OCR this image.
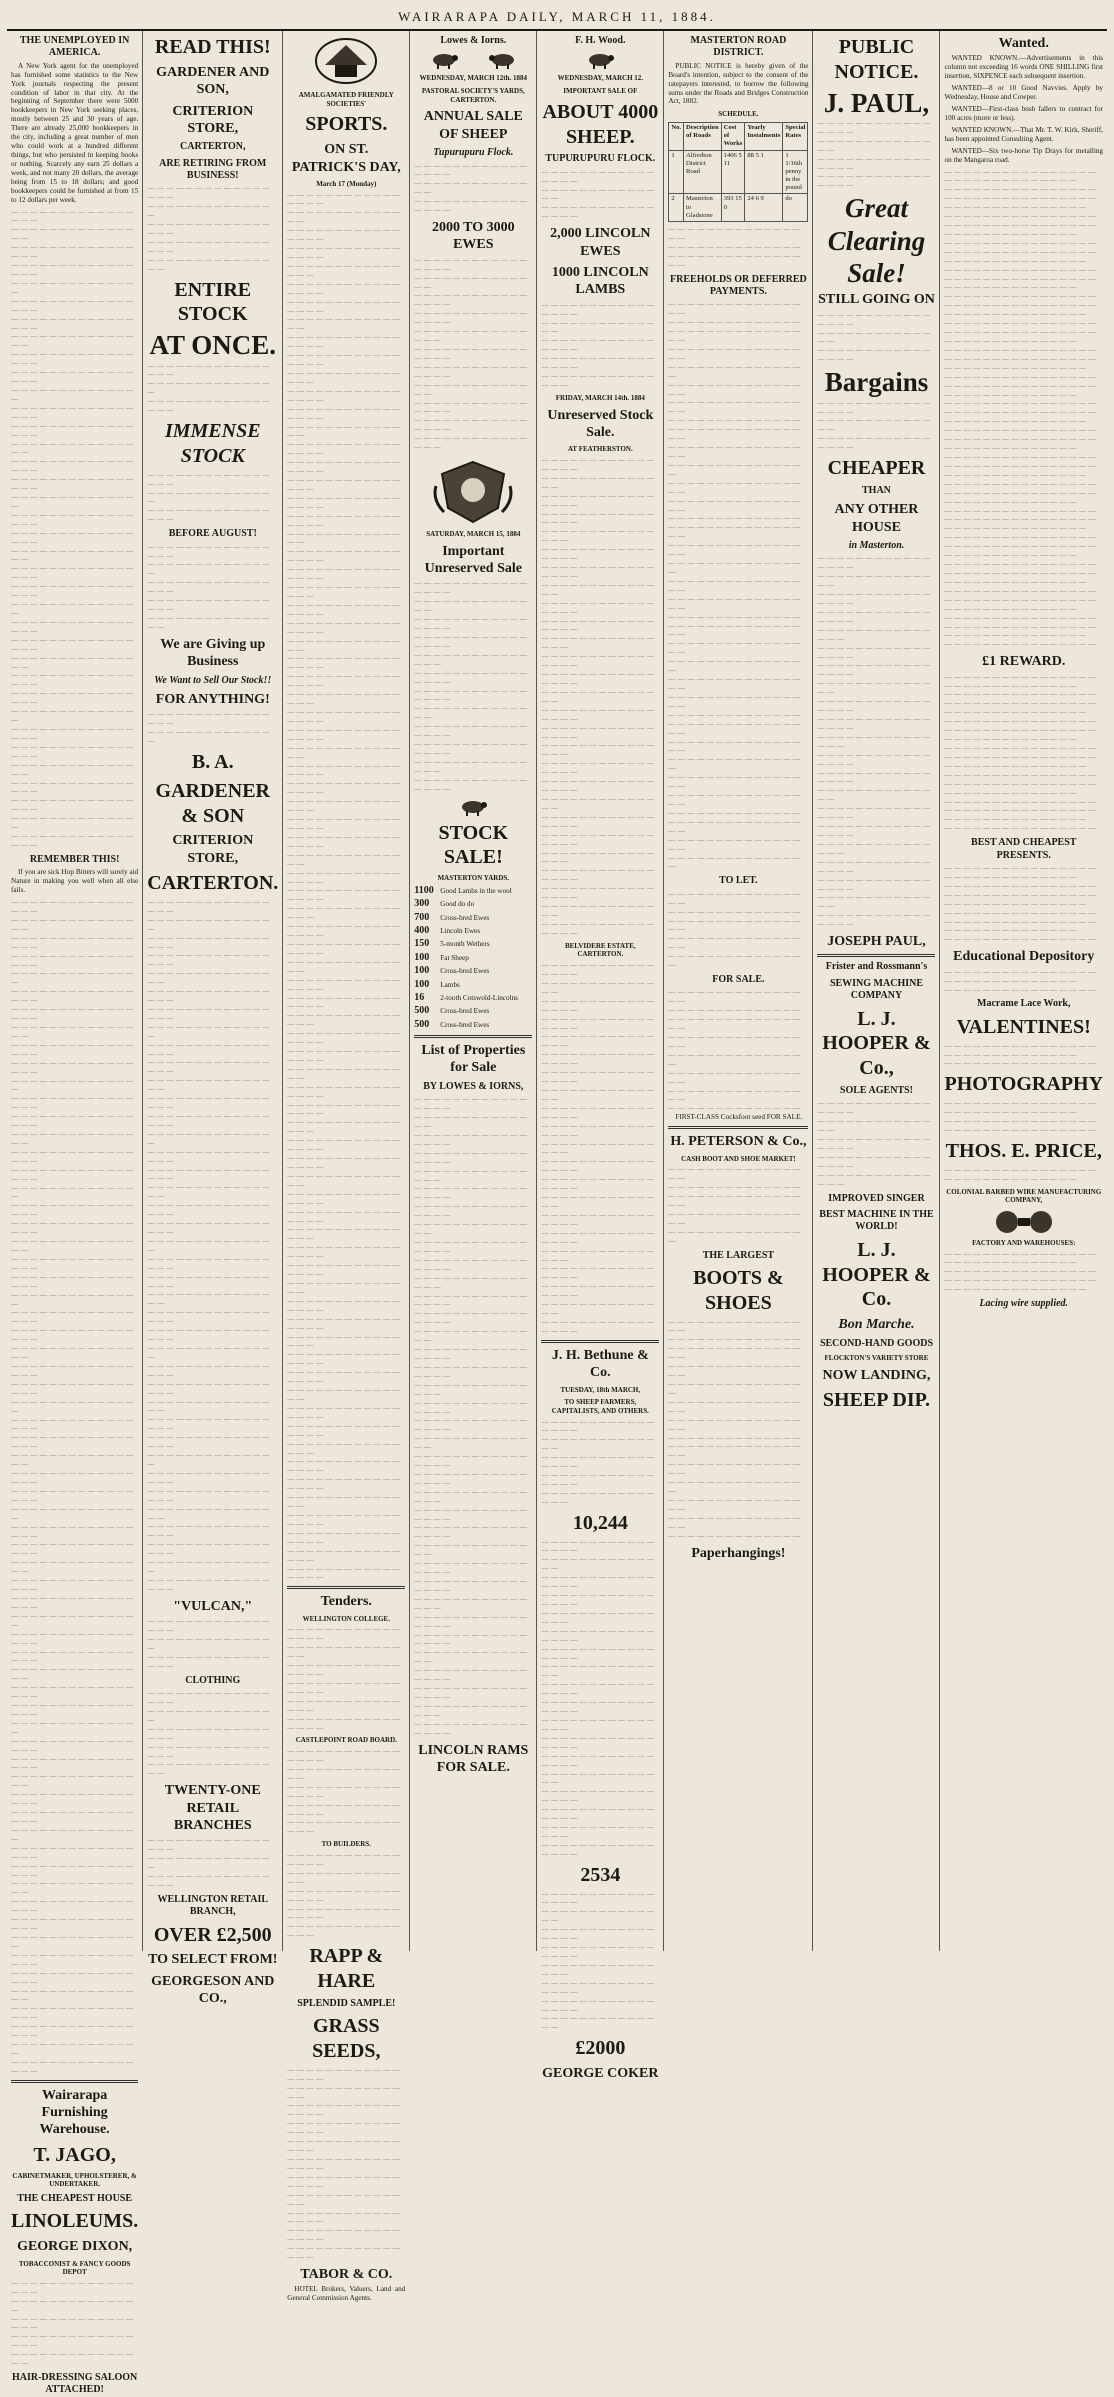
WAIRARAPA DAILY, MARCH 11, 1884.
THE UNEMPLOYED IN AMERICA.

A New York agent for the unemployed has furnished some statistics to the New York journals respecting the present condition of labor in that city. At the beginning of September there were 5000 bookkeepers in New York seeking places, mostly between 25 and 30 years of age. There are already 25,000 bookkeepers in the city, including a great number of men who could work at a hundred different things, but who persisted in keeping books or nothing. Scarcely any earn 25 dollars a week, and not many 20 dollars, the average being from 15 to 18 dollars; and good bookkeepers could be furnished at from 15 to 12 dollars per week.

— — — — — — — — — — — — — — — —
— — — — — — — — — — — — — — —
— — — — — — — — — — — — — — — —
— — — — — — — — — — — — — — — —
— — — — — — — — — — — — — —
— — — — — — — — — — — — — — — —
— — — — — — — — — — — — — — — —
— — — — — — — — — — — — — — —
— — — — — — — — — — — — — — — —
— — — — — — — — — — — — — — — —
— — — — — — — — — — — — — —
— — — — — — — — — — — — — — — —
— — — — — — — — — — — — — — — —
— — — — — — — — — — — — — — —
— — — — — — — — — — — — — — — —
— — — — — — — — — — — — — — — —
— — — — — — — — — — — — — —
— — — — — — — — — — — — — — — —
— — — — — — — — — — — — — — — —
— — — — — — — — — — — — — — —
— — — — — — — — — — — — — — — —
— — — — — — — — — — — — — — — —
— — — — — — — — — — — — — —
— — — — — — — — — — — — — — — —
— — — — — — — — — — — — — — — —
— — — — — — — — — — — — — — —
— — — — — — — — — — — — — — — —
— — — — — — — — — — — — — — — —
— — — — — — — — — — — — — —
— — — — — — — — — — — — — — — —
— — — — — — — — — — — — — — — —
— — — — — — — — — — — — — — —
— — — — — — — — — — — — — — — —
— — — — — — — — — — — — — — — —
— — — — — — — — — — — — — —
— — — — — — — — — — — — — — — —
REMEMBER THIS!

If you are sick Hop Bitters will surely aid Nature in making you well when all else fails.

— — — — — — — — — — — — — — — —
— — — — — — — — — — — — — — —
— — — — — — — — — — — — — — — —
— — — — — — — — — — — — — — — —
— — — — — — — — — — — — — —
— — — — — — — — — — — — — — — —
— — — — — — — — — — — — — — — —
— — — — — — — — — — — — — — —
— — — — — — — — — — — — — — — —
— — — — — — — — — — — — — — — —
— — — — — — — — — — — — — —
— — — — — — — — — — — — — — — —
— — — — — — — — — — — — — — — —
— — — — — — — — — — — — — — —
— — — — — — — — — — — — — — — —
— — — — — — — — — — — — — — — —
— — — — — — — — — — — — — —
— — — — — — — — — — — — — — — —
— — — — — — — — — — — — — — — —
— — — — — — — — — — — — — — —
— — — — — — — — — — — — — — — —
— — — — — — — — — — — — — — — —
— — — — — — — — — — — — — —
— — — — — — — — — — — — — — — —
— — — — — — — — — — — — — — — —
— — — — — — — — — — — — — — —
— — — — — — — — — — — — — — — —
— — — — — — — — — — — — — — — —
— — — — — — — — — — — — — —
— — — — — — — — — — — — — — — —
— — — — — — — — — — — — — — — —
— — — — — — — — — — — — — — —
— — — — — — — — — — — — — — — —
— — — — — — — — — — — — — — — —
— — — — — — — — — — — — — —
— — — — — — — — — — — — — — — —
— — — — — — — — — — — — — — — —
— — — — — — — — — — — — — — —
— — — — — — — — — — — — — — — —
— — — — — — — — — — — — — — — —
— — — — — — — — — — — — — —
— — — — — — — — — — — — — — — —
— — — — — — — — — — — — — — — —
— — — — — — — — — — — — — — —
— — — — — — — — — — — — — — — —
— — — — — — — — — — — — — — — —
— — — — — — — — — — — — — —
— — — — — — — — — — — — — — — —
— — — — — — — — — — — — — — — —
— — — — — — — — — — — — — — —
— — — — — — — — — — — — — — — —
— — — — — — — — — — — — — — — —
— — — — — — — — — — — — — —
— — — — — — — — — — — — — — — —
— — — — — — — — — — — — — — — —
— — — — — — — — — — — — — — —
— — — — — — — — — — — — — — — —
— — — — — — — — — — — — — — — —
— — — — — — — — — — — — — —
— — — — — — — — — — — — — — — —
— — — — — — — — — — — — — — — —
— — — — — — — — — — — — — — —
— — — — — — — — — — — — — — — —
— — — — — — — — — — — — — — — —
— — — — — — — — — — — — — —
— — — — — — — — — — — — — — — —
Wairarapa Furnishing Warehouse.
T. JAGO,
CABINETMAKER, UPHOLSTERER, & UNDERTAKER.
THE CHEAPEST HOUSE
LINOLEUMS.
GEORGE DIXON,
TOBACCONIST & FANCY GOODS DEPOT
— — — — — — — — — — — — — — — —
— — — — — — — — — — — — — —
— — — — — — — — — — — — — — — —
— — — — — — — — — — — — — — — —
— — — — — — — — — — — — — — —
HAIR-DRESSING SALOON ATTACHED!
READ THIS!
GARDENER AND SON,
CRITERION STORE,
CARTERTON,
ARE RETIRING FROM BUSINESS!
— — — — — — — — — — — — — — — —
— — — — — — — — — — — — — —
— — — — — — — — — — — — — — — —
— — — — — — — — — — — — — — — —
— — — — — — — — — — — — — — —
ENTIRE STOCK
AT ONCE.
— — — — — — — — — — — — — — — —
— — — — — — — — — — — — — —
— — — — — — — — — — — — — — — —
IMMENSE STOCK
— — — — — — — — — — — — — — — —
— — — — — — — — — — — — — —
— — — — — — — — — — — — — — — —
BEFORE AUGUST!
— — — — — — — — — — — — — — — —
— — — — — — — — — — — — — —
— — — — — — — — — — — — — — — —
— — — — — — — — — — — — — — — —
— — — — — — — — — — — — — — —
We are Giving up Business
We Want to Sell Our Stock!!
FOR ANYTHING!
— — — — — — — — — — — — — — — —
— — — — — — — — — — — — — —
B. A.
GARDENER & SON
CRITERION STORE,
CARTERTON.
— — — — — — — — — — — — — — — —
— — — — — — — — — — — — — —
— — — — — — — — — — — — — — — —
— — — — — — — — — — — — — — — —
— — — — — — — — — — — — — — —
— — — — — — — — — — — — — — — —
— — — — — — — — — — — — — — — —
— — — — — — — — — — — — — —
— — — — — — — — — — — — — — — —
— — — — — — — — — — — — — — — —
— — — — — — — — — — — — — — —
— — — — — — — — — — — — — — — —
— — — — — — — — — — — — — — — —
— — — — — — — — — — — — — —
— — — — — — — — — — — — — — — —
— — — — — — — — — — — — — — — —
— — — — — — — — — — — — — — —
— — — — — — — — — — — — — — — —
— — — — — — — — — — — — — — — —
— — — — — — — — — — — — — —
— — — — — — — — — — — — — — — —
— — — — — — — — — — — — — — — —
— — — — — — — — — — — — — — —
— — — — — — — — — — — — — — — —
— — — — — — — — — — — — — — — —
— — — — — — — — — — — — — —
— — — — — — — — — — — — — — — —
— — — — — — — — — — — — — — — —
— — — — — — — — — — — — — — —
— — — — — — — — — — — — — — — —
— — — — — — — — — — — — — — — —
— — — — — — — — — — — — — —
— — — — — — — — — — — — — — — —
— — — — — — — — — — — — — — — —
— — — — — — — — — — — — — — —
— — — — — — — — — — — — — — — —
— — — — — — — — — — — — — — — —
— — — — — — — — — — — — — —
— — — — — — — — — — — — — — — —
"VULCAN,"
— — — — — — — — — — — — — — — —
— — — — — — — — — — — — — —
— — — — — — — — — — — — — — — —
CLOTHING
— — — — — — — — — — — — — — — —
— — — — — — — — — — — — — —
— — — — — — — — — — — — — — — —
— — — — — — — — — — — — — — — —
— — — — — — — — — — — — — — —
TWENTY-ONE RETAIL BRANCHES
— — — — — — — — — — — — — — — —
— — — — — — — — — — — — — —
— — — — — — — — — — — — — — — —
WELLINGTON RETAIL BRANCH,
OVER £2,500
TO SELECT FROM!
GEORGESON AND CO.,
AMALGAMATED FRIENDLY SOCIETIES'
SPORTS.
ON ST. PATRICK'S DAY,
March 17 (Monday)
— — — — — — — — — — — — — — — —
— — — — — — — — — — — — — —
— — — — — — — — — — — — — — — —
— — — — — — — — — — — — — — — —
— — — — — — — — — — — — — — —
— — — — — — — — — — — — — — — —
— — — — — — — — — — — — — — — —
— — — — — — — — — — — — — —
— — — — — — — — — — — — — — — —
— — — — — — — — — — — — — — — —
— — — — — — — — — — — — — — —
— — — — — — — — — — — — — — — —
— — — — — — — — — — — — — — — —
— — — — — — — — — — — — — —
— — — — — — — — — — — — — — — —
— — — — — — — — — — — — — — — —
— — — — — — — — — — — — — — —
— — — — — — — — — — — — — — — —
— — — — — — — — — — — — — — — —
— — — — — — — — — — — — — —
— — — — — — — — — — — — — — — —
— — — — — — — — — — — — — — — —
— — — — — — — — — — — — — — —
— — — — — — — — — — — — — — — —
— — — — — — — — — — — — — — — —
— — — — — — — — — — — — — —
— — — — — — — — — — — — — — — —
— — — — — — — — — — — — — — — —
— — — — — — — — — — — — — — —
— — — — — — — — — — — — — — — —
— — — — — — — — — — — — — — — —
— — — — — — — — — — — — — —
— — — — — — — — — — — — — — — —
— — — — — — — — — — — — — — — —
— — — — — — — — — — — — — — —
— — — — — — — — — — — — — — — —
— — — — — — — — — — — — — — — —
— — — — — — — — — — — — — —
— — — — — — — — — — — — — — — —
— — — — — — — — — — — — — — — —
— — — — — — — — — — — — — — —
— — — — — — — — — — — — — — — —
— — — — — — — — — — — — — — — —
— — — — — — — — — — — — — —
— — — — — — — — — — — — — — — —
— — — — — — — — — — — — — — — —
— — — — — — — — — — — — — — —
— — — — — — — — — — — — — — — —
— — — — — — — — — — — — — — — —
— — — — — — — — — — — — — —
— — — — — — — — — — — — — — — —
— — — — — — — — — — — — — — — —
— — — — — — — — — — — — — — —
— — — — — — — — — — — — — — — —
— — — — — — — — — — — — — — — —
— — — — — — — — — — — — — —
— — — — — — — — — — — — — — — —
— — — — — — — — — — — — — — — —
— — — — — — — — — — — — — — —
— — — — — — — — — — — — — — — —
— — — — — — — — — — — — — — — —
— — — — — — — — — — — — — —
— — — — — — — — — — — — — — — —
— — — — — — — — — — — — — — — —
— — — — — — — — — — — — — — —
— — — — — — — — — — — — — — — —
— — — — — — — — — — — — — — — —
— — — — — — — — — — — — — —
— — — — — — — — — — — — — — — —
— — — — — — — — — — — — — — — —
— — — — — — — — — — — — — — —
— — — — — — — — — — — — — — — —
— — — — — — — — — — — — — — — —
— — — — — — — — — — — — — —
— — — — — — — — — — — — — — — —
— — — — — — — — — — — — — — — —
— — — — — — — — — — — — — — —
— — — — — — — — — — — — — — — —
Tenders.
WELLINGTON COLLEGE.
— — — — — — — — — — — — — — — —
— — — — — — — — — — — — — —
— — — — — — — — — — — — — — — —
— — — — — — — — — — — — — — — —
— — — — — — — — — — — — — — —
— — — — — — — — — — — — — — — —
CASTLEPOINT ROAD BOARD.
— — — — — — — — — — — — — — — —
— — — — — — — — — — — — — —
— — — — — — — — — — — — — — — —
— — — — — — — — — — — — — — — —
— — — — — — — — — — — — — — —
TO BUILDERS.
— — — — — — — — — — — — — — — —
— — — — — — — — — — — — — —
— — — — — — — — — — — — — — — —
— — — — — — — — — — — — — — — —
— — — — — — — — — — — — — — —
RAPP & HARE
SPLENDID SAMPLE!
GRASS SEEDS,
— — — — — — — — — — — — — — — —
— — — — — — — — — — — — — —
— — — — — — — — — — — — — — — —
— — — — — — — — — — — — — — — —
— — — — — — — — — — — — — — —
— — — — — — — — — — — — — — — —
— — — — — — — — — — — — — — — —
— — — — — — — — — — — — — —
— — — — — — — — — — — — — — — —
— — — — — — — — — — — — — — — —
— — — — — — — — — — — — — — —
TABOR & CO.

HOTEL Brokers, Valuers, Land and General Commission Agents.

Lowes & Iorns.
WEDNESDAY, MARCH 12th. 1884
PASTORAL SOCIETY'S YARDS, CARTERTON.
ANNUAL SALE OF SHEEP
Tupurupuru Flock.
— — — — — — — — — — — — — — — —
— — — — — — — — — — — — — —
— — — — — — — — — — — — — — — —
2000 TO 3000 EWES
— — — — — — — — — — — — — — — —
— — — — — — — — — — — — — —
— — — — — — — — — — — — — — — —
— — — — — — — — — — — — — — — —
— — — — — — — — — — — — — — —
— — — — — — — — — — — — — — — —
— — — — — — — — — — — — — — — —
— — — — — — — — — — — — — —
— — — — — — — — — — — — — — — —
— — — — — — — — — — — — — — — —
— — — — — — — — — — — — — — —
SATURDAY, MARCH 15, 1884
Important Unreserved Sale
— — — — — — — — — — — — — — — —
— — — — — — — — — — — — — —
— — — — — — — — — — — — — — — —
— — — — — — — — — — — — — — — —
— — — — — — — — — — — — — — —
— — — — — — — — — — — — — — — —
— — — — — — — — — — — — — — — —
— — — — — — — — — — — — — —
— — — — — — — — — — — — — — — —
— — — — — — — — — — — — — — — —
— — — — — — — — — — — — — — —
— — — — — — — — — — — — — — — —
STOCK SALE!
MASTERTON YARDS.
1100 Good Lambs in the wool
300 Good do do
700 Cross-bred Ewes
400 Lincoln Ewes
150 5-month Wethers
100 Fat Sheep
100 Cross-bred Ewes
100 Lambs
16 2-tooth Cotswold-Lincolns
500 Cross-bred Ewes
500 Cross-bred Ewes
List of Properties for Sale
BY LOWES & IORNS,
— — — — — — — — — — — — — — — —
— — — — — — — — — — — — — —
— — — — — — — — — — — — — — — —
— — — — — — — — — — — — — — — —
— — — — — — — — — — — — — — —
— — — — — — — — — — — — — — — —
— — — — — — — — — — — — — — — —
— — — — — — — — — — — — — —
— — — — — — — — — — — — — — — —
— — — — — — — — — — — — — — — —
— — — — — — — — — — — — — — —
— — — — — — — — — — — — — — — —
— — — — — — — — — — — — — — — —
— — — — — — — — — — — — — —
— — — — — — — — — — — — — — — —
— — — — — — — — — — — — — — — —
— — — — — — — — — — — — — — —
— — — — — — — — — — — — — — — —
— — — — — — — — — — — — — — — —
— — — — — — — — — — — — — —
— — — — — — — — — — — — — — — —
— — — — — — — — — — — — — — — —
— — — — — — — — — — — — — — —
— — — — — — — — — — — — — — — —
— — — — — — — — — — — — — — — —
— — — — — — — — — — — — — —
— — — — — — — — — — — — — — — —
— — — — — — — — — — — — — — — —
— — — — — — — — — — — — — — —
— — — — — — — — — — — — — — — —
— — — — — — — — — — — — — — — —
— — — — — — — — — — — — — —
— — — — — — — — — — — — — — — —
— — — — — — — — — — — — — — — —
— — — — — — — — — — — — — — —
— — — — — — — — — — — — — — — —
LINCOLN RAMS FOR SALE.
F. H. Wood.
WEDNESDAY, MARCH 12.
IMPORTANT SALE OF
ABOUT 4000 SHEEP.
TUPURUPURU FLOCK.
— — — — — — — — — — — — — — — —
— — — — — — — — — — — — — —
— — — — — — — — — — — — — — — —
2,000 LINCOLN EWES
1000 LINCOLN LAMBS
— — — — — — — — — — — — — — — —
— — — — — — — — — — — — — —
— — — — — — — — — — — — — — — —
— — — — — — — — — — — — — — — —
— — — — — — — — — — — — — — —
FRIDAY, MARCH 14th. 1884
Unreserved Stock Sale.
AT FEATHERSTON.
— — — — — — — — — — — — — — — —
— — — — — — — — — — — — — —
— — — — — — — — — — — — — — — —
— — — — — — — — — — — — — — — —
— — — — — — — — — — — — — — —
— — — — — — — — — — — — — — — —
— — — — — — — — — — — — — — — —
— — — — — — — — — — — — — —
— — — — — — — — — — — — — — — —
— — — — — — — — — — — — — — — —
— — — — — — — — — — — — — — —
— — — — — — — — — — — — — — — —
— — — — — — — — — — — — — — — —
— — — — — — — — — — — — — —
— — — — — — — — — — — — — — — —
— — — — — — — — — — — — — — — —
— — — — — — — — — — — — — — —
— — — — — — — — — — — — — — — —
— — — — — — — — — — — — — — — —
— — — — — — — — — — — — — —
— — — — — — — — — — — — — — — —
— — — — — — — — — — — — — — — —
— — — — — — — — — — — — — — —
— — — — — — — — — — — — — — — —
— — — — — — — — — — — — — — — —
— — — — — — — — — — — — — —
— — — — — — — — — — — — — — — —
BELVIDERE ESTATE, CARTERTON.
— — — — — — — — — — — — — — — —
— — — — — — — — — — — — — —
— — — — — — — — — — — — — — — —
— — — — — — — — — — — — — — — —
— — — — — — — — — — — — — — —
— — — — — — — — — — — — — — — —
— — — — — — — — — — — — — — — —
— — — — — — — — — — — — — —
— — — — — — — — — — — — — — — —
— — — — — — — — — — — — — — — —
— — — — — — — — — — — — — — —
— — — — — — — — — — — — — — — —
— — — — — — — — — — — — — — — —
— — — — — — — — — — — — — —
— — — — — — — — — — — — — — — —
— — — — — — — — — — — — — — — —
— — — — — — — — — — — — — — —
— — — — — — — — — — — — — — — —
— — — — — — — — — — — — — — — —
— — — — — — — — — — — — — —
— — — — — — — — — — — — — — — —
J. H. Bethune & Co.
TUESDAY, 18th MARCH,
TO SHEEP FARMERS, CAPITALISTS, AND OTHERS.
— — — — — — — — — — — — — — — —
— — — — — — — — — — — — — —
— — — — — — — — — — — — — — — —
— — — — — — — — — — — — — — — —
— — — — — — — — — — — — — — —
10,244
— — — — — — — — — — — — — — — —
— — — — — — — — — — — — — —
— — — — — — — — — — — — — — — —
— — — — — — — — — — — — — — — —
— — — — — — — — — — — — — — —
— — — — — — — — — — — — — — — —
— — — — — — — — — — — — — — — —
— — — — — — — — — — — — — —
— — — — — — — — — — — — — — — —
— — — — — — — — — — — — — — — —
— — — — — — — — — — — — — — —
— — — — — — — — — — — — — — — —
— — — — — — — — — — — — — — — —
— — — — — — — — — — — — — —
— — — — — — — — — — — — — — — —
— — — — — — — — — — — — — — — —
— — — — — — — — — — — — — — —
— — — — — — — — — — — — — — — —
2534
— — — — — — — — — — — — — — — —
— — — — — — — — — — — — — —
— — — — — — — — — — — — — — — —
— — — — — — — — — — — — — — — —
— — — — — — — — — — — — — — —
— — — — — — — — — — — — — — — —
— — — — — — — — — — — — — — — —
— — — — — — — — — — — — — —
£2000
GEORGE COKER
MASTERTON ROAD DISTRICT.

PUBLIC NOTICE is hereby given of the Board's intention, subject to the consent of the ratepayers interested, to borrow the following sums under the Roads and Bridges Construction Act, 1882.

SCHEDULE.
No.	Description of Roads	Cost of Works	Yearly Instalments	Special Rates
1	Alfredton District Road	1406 5 11	88 5 1	1 1/16th penny in the pound
2	Masterton to Gladstone	393 15 0	24 6 9	do
— — — — — — — — — — — — — — — —
— — — — — — — — — — — — — —
— — — — — — — — — — — — — — — —
FREEHOLDS OR DEFERRED PAYMENTS.
— — — — — — — — — — — — — — — —
— — — — — — — — — — — — — —
— — — — — — — — — — — — — — — —
— — — — — — — — — — — — — — — —
— — — — — — — — — — — — — — —
— — — — — — — — — — — — — — — —
— — — — — — — — — — — — — — — —
— — — — — — — — — — — — — —
— — — — — — — — — — — — — — — —
— — — — — — — — — — — — — — — —
— — — — — — — — — — — — — — —
— — — — — — — — — — — — — — — —
— — — — — — — — — — — — — — — —
— — — — — — — — — — — — — —
— — — — — — — — — — — — — — — —
— — — — — — — — — — — — — — — —
— — — — — — — — — — — — — — —
— — — — — — — — — — — — — — — —
— — — — — — — — — — — — — — — —
— — — — — — — — — — — — — —
— — — — — — — — — — — — — — — —
— — — — — — — — — — — — — — — —
— — — — — — — — — — — — — — —
— — — — — — — — — — — — — — — —
— — — — — — — — — — — — — — — —
— — — — — — — — — — — — — —
— — — — — — — — — — — — — — — —
— — — — — — — — — — — — — — — —
— — — — — — — — — — — — — — —
— — — — — — — — — — — — — — — —
— — — — — — — — — — — — — — — —
— — — — — — — — — — — — — —
— — — — — — — — — — — — — — — —
— — — — — — — — — — — — — — — —
— — — — — — — — — — — — — — —
TO LET.
— — — — — — — — — — — — — — — —
— — — — — — — — — — — — — —
— — — — — — — — — — — — — — — —
— — — — — — — — — — — — — — — —
— — — — — — — — — — — — — — —
FOR SALE.
— — — — — — — — — — — — — — — —
— — — — — — — — — — — — — —
— — — — — — — — — — — — — — — —
— — — — — — — — — — — — — — — —
— — — — — — — — — — — — — — —
— — — — — — — — — — — — — — — —
— — — — — — — — — — — — — — — —
— — — — — — — — — — — — — —

FIRST-CLASS Cocksfoot seed FOR SALE.

H. PETERSON & Co.,
CASH BOOT AND SHOE MARKET!
— — — — — — — — — — — — — — — —
— — — — — — — — — — — — — —
— — — — — — — — — — — — — — — —
— — — — — — — — — — — — — — — —
— — — — — — — — — — — — — — —
THE LARGEST
BOOTS & SHOES
— — — — — — — — — — — — — — — —
— — — — — — — — — — — — — —
— — — — — — — — — — — — — — — —
— — — — — — — — — — — — — — — —
— — — — — — — — — — — — — — —
— — — — — — — — — — — — — — — —
— — — — — — — — — — — — — — — —
— — — — — — — — — — — — — —
— — — — — — — — — — — — — — — —
— — — — — — — — — — — — — — — —
— — — — — — — — — — — — — — —
— — — — — — — — — — — — — — — —
— — — — — — — — — — — — — — — —
— — — — — — — — — — — — — —
Paperhangings!
PUBLIC NOTICE.
J. PAUL,
— — — — — — — — — — — — — — — —
— — — — — — — — — — — — — —
— — — — — — — — — — — — — — — —
— — — — — — — — — — — — — — — —
Great
Clearing
Sale!
STILL GOING ON
— — — — — — — — — — — — — — — —
— — — — — — — — — — — — — —
— — — — — — — — — — — — — — — —
Bargains
— — — — — — — — — — — — — — — —
— — — — — — — — — — — — — —
— — — — — — — — — — — — — — — —
CHEAPER
THAN
ANY OTHER HOUSE
in Masterton.
— — — — — — — — — — — — — — — —
— — — — — — — — — — — — — —
— — — — — — — — — — — — — — — —
— — — — — — — — — — — — — — — —
— — — — — — — — — — — — — — —
— — — — — — — — — — — — — — — —
— — — — — — — — — — — — — — — —
— — — — — — — — — — — — — —
— — — — — — — — — — — — — — — —
— — — — — — — — — — — — — — — —
— — — — — — — — — — — — — — —
— — — — — — — — — — — — — — — —
— — — — — — — — — — — — — — — —
— — — — — — — — — — — — — —
— — — — — — — — — — — — — — — —
— — — — — — — — — — — — — — — —
— — — — — — — — — — — — — — —
— — — — — — — — — — — — — — — —
— — — — — — — — — — — — — — — —
— — — — — — — — — — — — — —
— — — — — — — — — — — — — — — —
JOSEPH PAUL,
Frister and Rossmann's
SEWING MACHINE COMPANY
L. J. HOOPER & Co.,
SOLE AGENTS!
— — — — — — — — — — — — — — — —
— — — — — — — — — — — — — —
— — — — — — — — — — — — — — — —
— — — — — — — — — — — — — — — —
— — — — — — — — — — — — — — —
IMPROVED SINGER
BEST MACHINE IN THE WORLD!
L. J. HOOPER & Co.
Bon Marche.
SECOND-HAND GOODS
FLOCKTON'S VARIETY STORE
NOW LANDING,
SHEEP DIP.
Wanted.

WANTED KNOWN.—Advertisements in this column not exceeding 16 words ONE SHILLING first insertion, SIXPENCE each subsequent insertion.

WANTED—8 or 10 Good Navvies. Apply by Wednesday, House and Cowper.

WANTED—First-class bush fallers to contract for 100 acres (more or less).

WANTED KNOWN.—That Mr. T. W. Kirk, Sheriff, has been appointed Consulting Agent.

WANTED—Six two-horse Tip Drays for metalling on the Mangaroa road.

— — — — — — — — — — — — — — — —
— — — — — — — — — — — — — —
— — — — — — — — — — — — — — — —
— — — — — — — — — — — — — — — —
— — — — — — — — — — — — — — —
— — — — — — — — — — — — — — — —
— — — — — — — — — — — — — — — —
— — — — — — — — — — — — — —
— — — — — — — — — — — — — — — —
— — — — — — — — — — — — — — — —
— — — — — — — — — — — — — — —
— — — — — — — — — — — — — — — —
— — — — — — — — — — — — — — — —
— — — — — — — — — — — — — —
— — — — — — — — — — — — — — — —
— — — — — — — — — — — — — — — —
— — — — — — — — — — — — — — —
— — — — — — — — — — — — — — — —
— — — — — — — — — — — — — — — —
— — — — — — — — — — — — — —
— — — — — — — — — — — — — — — —
— — — — — — — — — — — — — — — —
— — — — — — — — — — — — — — —
— — — — — — — — — — — — — — — —
— — — — — — — — — — — — — — — —
— — — — — — — — — — — — — —
— — — — — — — — — — — — — — — —
— — — — — — — — — — — — — — — —
— — — — — — — — — — — — — — —
— — — — — — — — — — — — — — — —
— — — — — — — — — — — — — — — —
— — — — — — — — — — — — — —
— — — — — — — — — — — — — — — —
— — — — — — — — — — — — — — — —
— — — — — — — — — — — — — — —
— — — — — — — — — — — — — — — —
— — — — — — — — — — — — — — — —
— — — — — — — — — — — — — —
— — — — — — — — — — — — — — — —
— — — — — — — — — — — — — — — —
— — — — — — — — — — — — — — —
— — — — — — — — — — — — — — — —
— — — — — — — — — — — — — — — —
— — — — — — — — — — — — — —
— — — — — — — — — — — — — — — —
— — — — — — — — — — — — — — — —
— — — — — — — — — — — — — — —
— — — — — — — — — — — — — — — —
— — — — — — — — — — — — — — — —
— — — — — — — — — — — — — —
— — — — — — — — — — — — — — — —
— — — — — — — — — — — — — — — —
— — — — — — — — — — — — — — —
— — — — — — — — — — — — — — — —
£1 REWARD.
— — — — — — — — — — — — — — — —
— — — — — — — — — — — — — —
— — — — — — — — — — — — — — — —
— — — — — — — — — — — — — — — —
— — — — — — — — — — — — — — —
— — — — — — — — — — — — — — — —
— — — — — — — — — — — — — — — —
— — — — — — — — — — — — — —
— — — — — — — — — — — — — — — —
— — — — — — — — — — — — — — — —
— — — — — — — — — — — — — — —
— — — — — — — — — — — — — — — —
— — — — — — — — — — — — — — — —
— — — — — — — — — — — — — —
— — — — — — — — — — — — — — — —
— — — — — — — — — — — — — — — —
— — — — — — — — — — — — — — —
— — — — — — — — — — — — — — — —
BEST AND CHEAPEST PRESENTS.
— — — — — — — — — — — — — — — —
— — — — — — — — — — — — — —
— — — — — — — — — — — — — — — —
— — — — — — — — — — — — — — — —
— — — — — — — — — — — — — — —
— — — — — — — — — — — — — — — —
— — — — — — — — — — — — — — — —
— — — — — — — — — — — — — —
— — — — — — — — — — — — — — — —
Educational Depository
— — — — — — — — — — — — — — — —
— — — — — — — — — — — — — —
— — — — — — — — — — — — — — — —
Macrame Lace Work,
VALENTINES!
— — — — — — — — — — — — — — — —
— — — — — — — — — — — — — —
— — — — — — — — — — — — — — — —
PHOTOGRAPHY
— — — — — — — — — — — — — — — —
— — — — — — — — — — — — — —
— — — — — — — — — — — — — — — —
— — — — — — — — — — — — — — — —
THOS. E. PRICE,
— — — — — — — — — — — — — — — —
— — — — — — — — — — — — — —
COLONIAL BARBED WIRE MANUFACTURING COMPANY,
FACTORY AND WAREHOUSES:
— — — — — — — — — — — — — — — —
— — — — — — — — — — — — — —
— — — — — — — — — — — — — — — —
— — — — — — — — — — — — — — — —
— — — — — — — — — — — — — — —
Lacing wire supplied.
